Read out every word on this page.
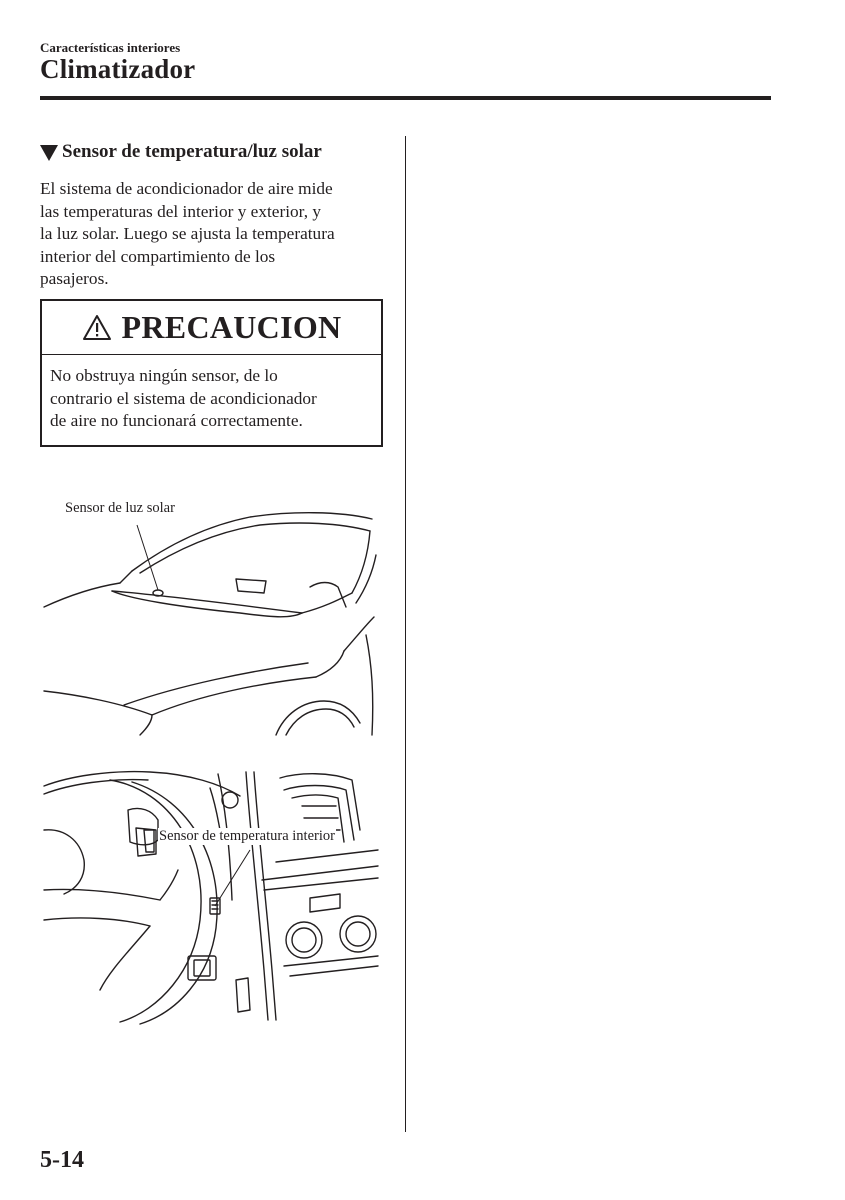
Características interiores
Climatizador
Sensor de temperatura/luz solar
El sistema de acondicionador de aire mide
las temperaturas del interior y exterior, y
la luz solar. Luego se ajusta la temperatura
interior del compartimiento de los
pasajeros.
PRECAUCION
No obstruya ningún sensor, de lo
contrario el sistema de acondicionador
de aire no funcionará correctamente.
Sensor de luz solar
Sensor de temperatura interior
5-14
